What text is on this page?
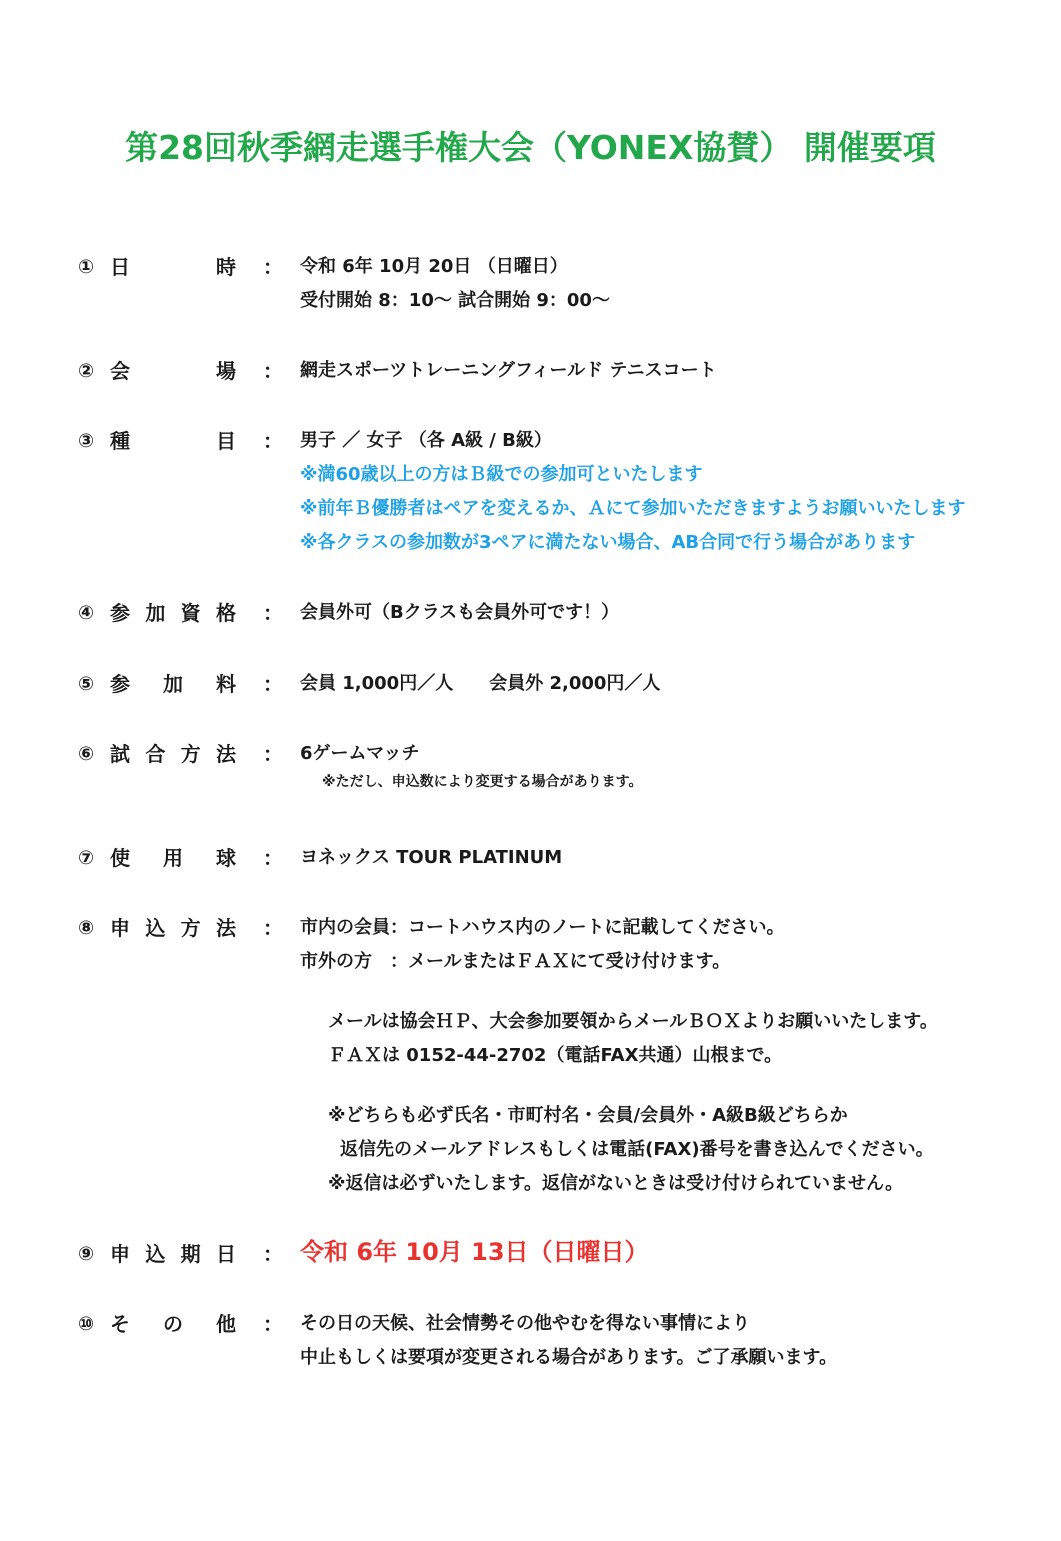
第28回秋季網走選手権大会（YONEX協賛） 開催要項
① 日	時 ： 令和 6年 10月 20日 （日曜日）
受付開始 8：10～ 試合開始 9：00～
② 会	場 ： 網走スポーツトレーニングフィールド テニスコート
③ 種	目 ： 男子 ／ 女子 （各 A級 / B級）
※満60歳以上の方はＢ級での参加可といたします
※前年Ｂ優勝者はペアを変えるか、Ａにて参加いただきますようお願いいたします
※各クラスの参加数が3ペアに満たない場合、AB合同で行う場合があります
④ 参 加 資 格 ： 会員外可（Bクラスも会員外可です！）
⑤ 参 加 料 ： 会員 1,000円／人　　会員外 2,000円／人
⑥ 試 合 方 法 ： 6ゲームマッチ
※ただし、申込数により変更する場合があります。
⑦ 使 用 球 ： ヨネックス TOUR PLATINUM
⑧ 申 込 方 法 ： 市内の会員：コートハウス内のノートに記載してください。
市外の方　：メールまたはＦＡＸにて受け付けます。
メールは協会ＨＰ、大会参加要領からメールＢＯＸよりお願いいたします。
ＦＡＸは 0152-44-2702（電話FAX共通）山根まで。
※どちらも必ず氏名・市町村名・会員/会員外・A級B級どちらか
返信先のメールアドレスもしくは電話(FAX)番号を書き込んでください。
※返信は必ずいたします。返信がないときは受け付けられていません。
⑨ 申 込 期 日 ： 令和 6年 10月 13日（日曜日）
⑩ そ の 他 ： その日の天候、社会情勢その他やむを得ない事情により
中止もしくは要項が変更される場合があります。ご了承願います。
